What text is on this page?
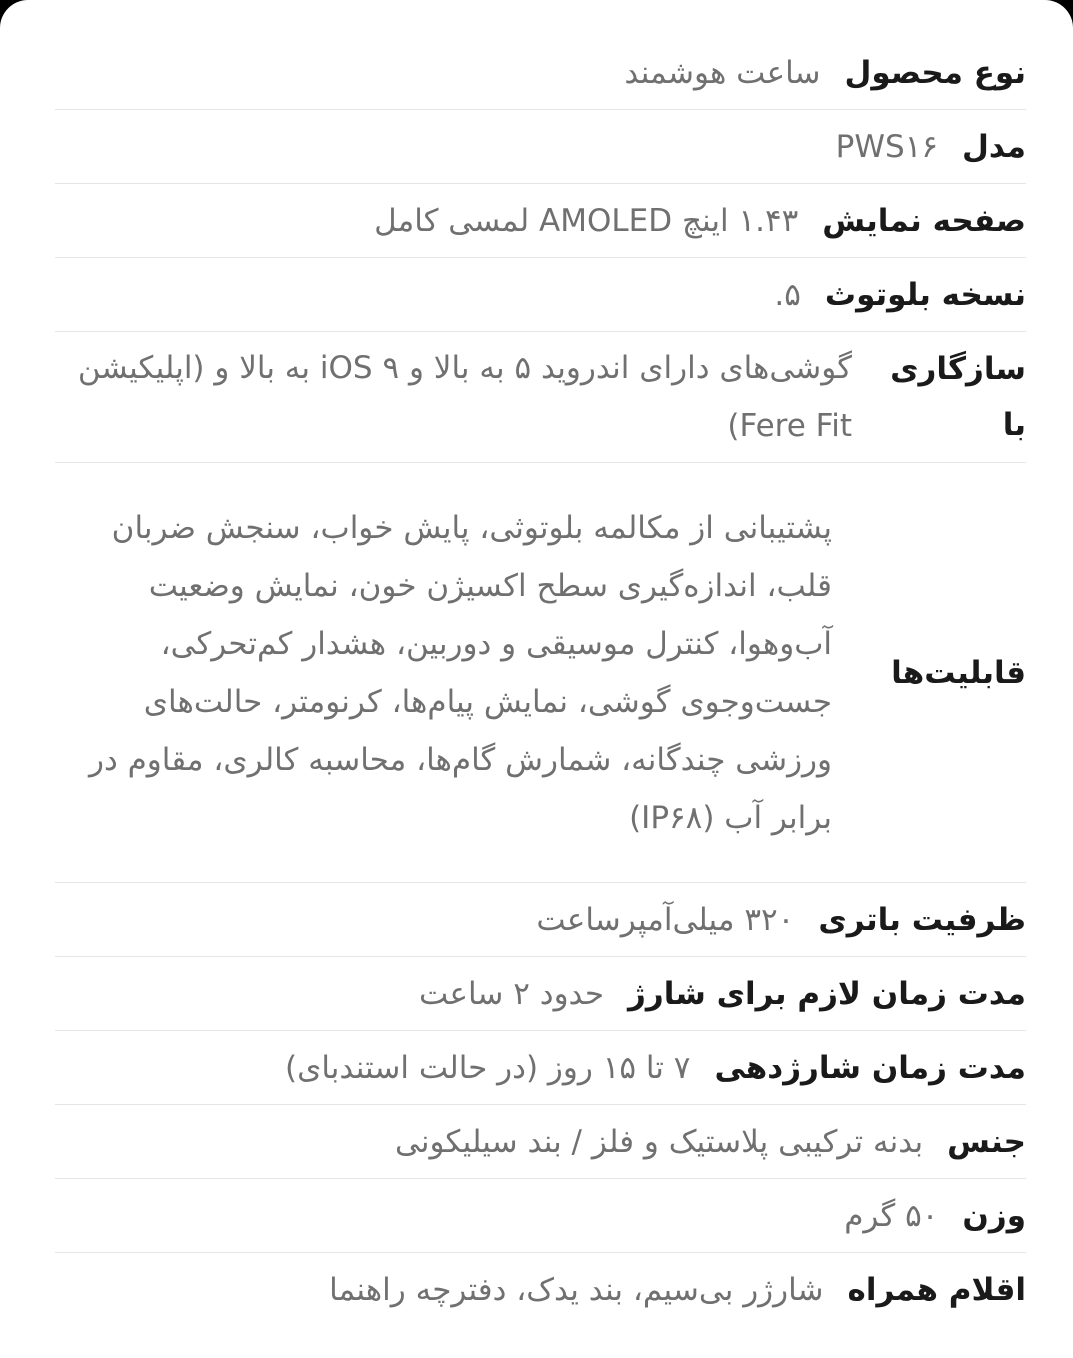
نوع محصول
ساعت هوشمند
مدل
PWS۱۶
صفحه نمایش
۱.۴۳ اینچ AMOLED لمسی کامل
نسخه بلوتوث
۵.
سازگاری با
گوشی‌های دارای اندروید ۵ به بالا و iOS ۹ به بالا و (اپلیکیشن Fere Fit)
قابلیت‌ها
پشتیبانی از مکالمه بلوتوثی، پایش خواب، سنجش ضربان قلب، اندازه‌گیری سطح اکسیژن خون، نمایش وضعیت آب‌وهوا، کنترل موسیقی و دوربین، هشدار کم‌تحرکی، جست‌وجوی گوشی، نمایش پیام‌ها، کرنومتر، حالت‌های ورزشی چندگانه، شمارش گام‌ها، محاسبه کالری، مقاوم در برابر آب (IP۶۸)
ظرفیت باتری
۳۲۰ میلی‌آمپرساعت
مدت زمان لازم برای شارژ
حدود ۲ ساعت
مدت زمان شارژدهی
۷ تا ۱۵ روز (در حالت استندبای)
جنس
بدنه ترکیبی پلاستیک و فلز / بند سیلیکونی
وزن
۵۰ گرم
اقلام همراه
شارژر بی‌سیم، بند یدک، دفترچه راهنما
